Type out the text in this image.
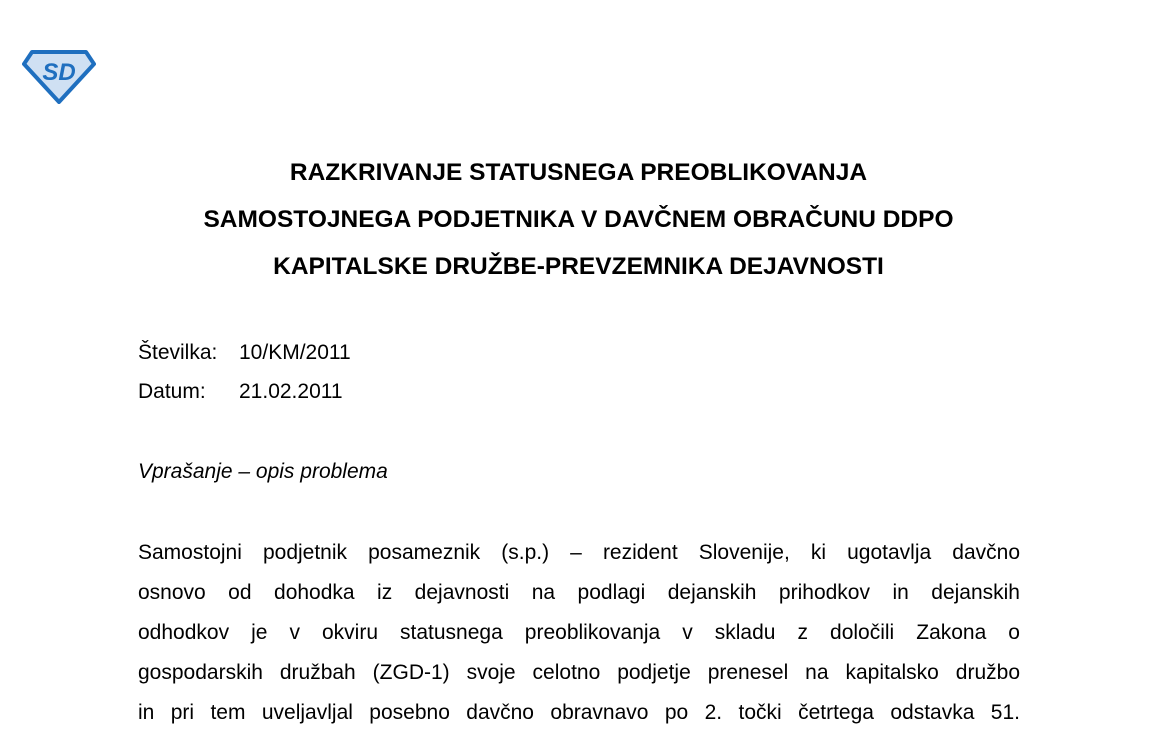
SD
RAZKRIVANJE STATUSNEGA PREOBLIKOVANJA
SAMOSTOJNEGA PODJETNIKA V DAVČNEM OBRAČUNU DDPO
KAPITALSKE DRUŽBE-PREVZEMNIKA DEJAVNOSTI
Številka:	10/KM/2011
Datum:	21.02.2011
Vprašanje – opis problema
Samostojni podjetnik posameznik (s.p.) – rezident Slovenije, ki ugotavlja davčno
osnovo od dohodka iz dejavnosti na podlagi dejanskih prihodkov in dejanskih
odhodkov je v okviru statusnega preoblikovanja v skladu z določili Zakona o
gospodarskih družbah (ZGD-1) svoje celotno podjetje prenesel na kapitalsko družbo
in pri tem uveljavljal posebno davčno obravnavo po 2. točki četrtega odstavka 51.
